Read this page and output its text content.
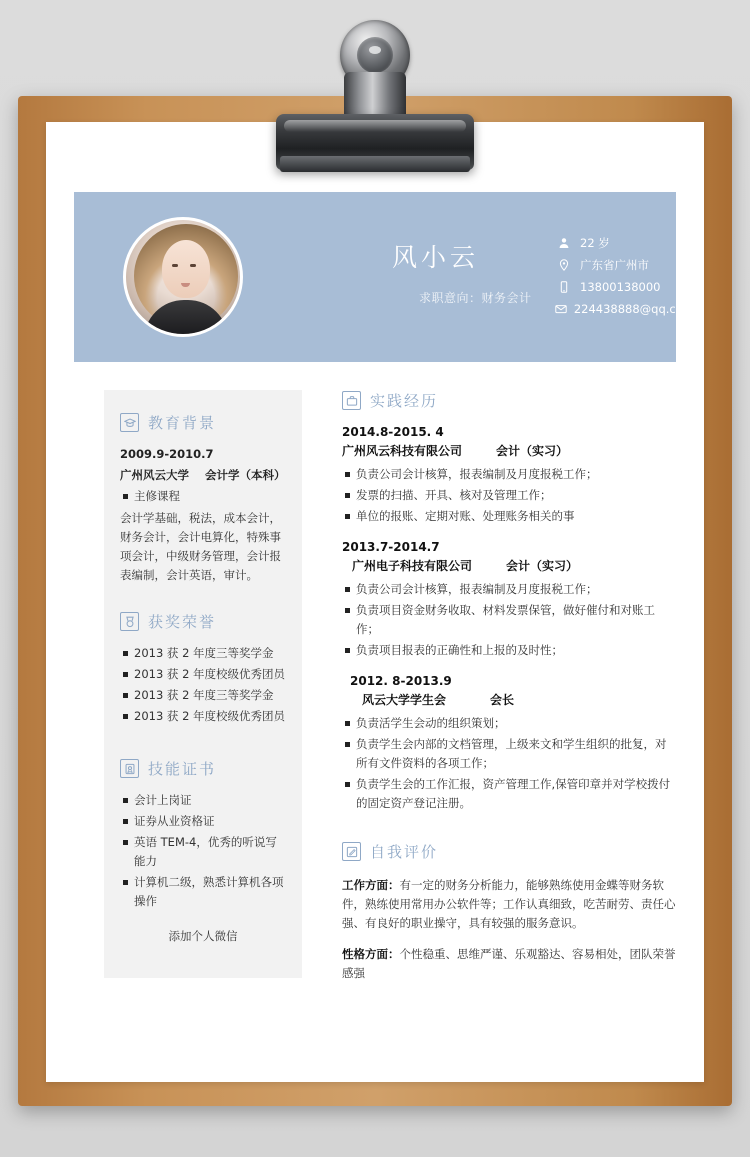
风小云
求职意向：财务会计
22 岁
广东省广州市
13800138000
224438888@qq.com
教育背景
2009.9-2010.7
广州风云大学 会计学（本科）
主修课程
会计学基础，税法，成本会计，财务会计，会计电算化，特殊事项会计，中级财务管理，会计报表编制，会计英语，审计。
获奖荣誉
2013 获 2 年度三等奖学金
2013 获 2 年度校级优秀团员
2013 获 2 年度三等奖学金
2013 获 2 年度校级优秀团员
技能证书
会计上岗证
证券从业资格证
英语 TEM-4，优秀的听说写能力
计算机二级，熟悉计算机各项操作
添加个人微信
实践经历
2014.8-2015. 4
广州风云科技有限公司	会计（实习）
负责公司会计核算，报表编制及月度报税工作；
发票的扫描、开具、核对及管理工作；
单位的报账、定期对账、处理账务相关的事
2013.7-2014.7
广州电子科技有限公司	会计（实习）
负责公司会计核算，报表编制及月度报税工作；
负责项目资金财务收取、材料发票保管，做好催付和对账工作；
负责项目报表的正确性和上报的及时性；
2012. 8-2013.9
风云大学学生会	会长
负责活学生会动的组织策划；
负责学生会内部的文档管理，上级来文和学生组织的批复，对所有文件资料的各项工作；
负责学生会的工作汇报，资产管理工作,保管印章并对学校拨付的固定资产登记注册。
自我评价

工作方面：有一定的财务分析能力，能够熟练使用金蝶等财务软件，熟练使用常用办公软件等；工作认真细致，吃苦耐劳、责任心强、有良好的职业操守，具有较强的服务意识。

性格方面：个性稳重、思维严谨、乐观豁达、容易相处，团队荣誉感强
